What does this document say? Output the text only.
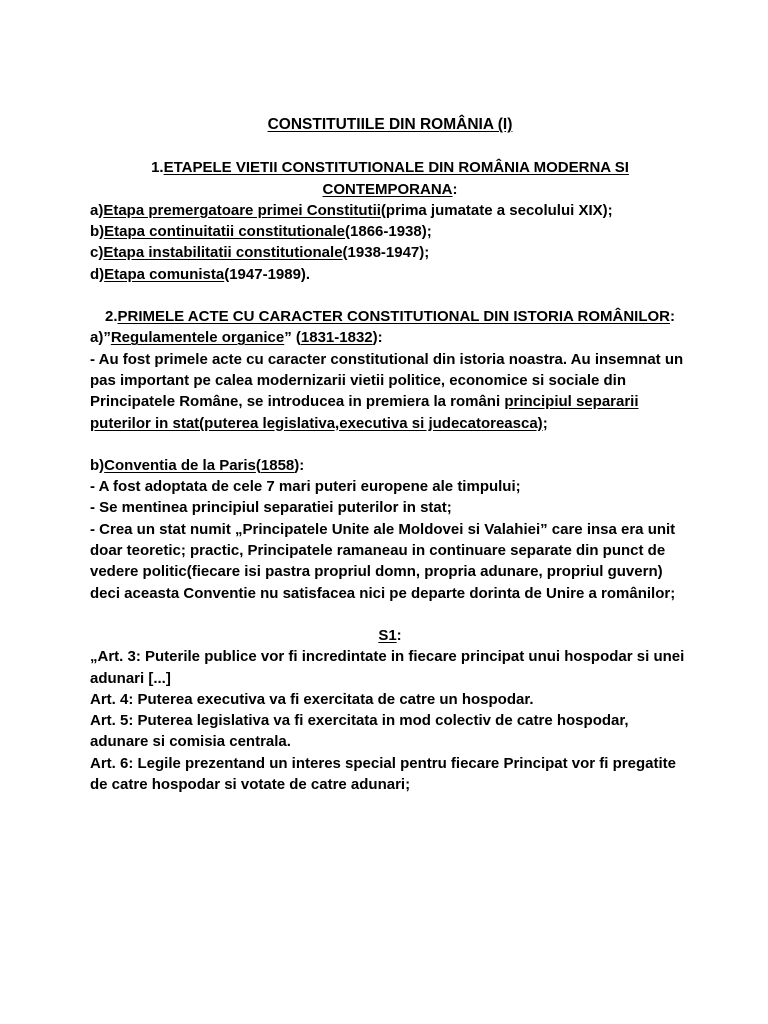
CONSTITUTIILE DIN ROMÂNIA (I)

1.ETAPELE VIETII CONSTITUTIONALE DIN ROMÂNIA MODERNA SI CONTEMPORANA:

a)Etapa premergatoare primei Constitutii(prima jumatate a secolului XIX);

b)Etapa continuitatii constitutionale(1866-1938);

c)Etapa instabilitatii constitutionale(1938-1947);

d)Etapa comunista(1947-1989).

2.PRIMELE ACTE CU CARACTER CONSTITUTIONAL DIN ISTORIA ROMÂNILOR:

a)”Regulamentele organice” (1831-1832):

- Au fost primele acte cu caracter constitutional din istoria noastra. Au insemnat un pas important pe calea modernizarii vietii politice, economice si sociale din Principatele Române, se introducea in premiera la români principiul separarii puterilor in stat(puterea legislativa,executiva si judecatoreasca);

b)Conventia de la Paris(1858):

- A fost adoptata de cele 7 mari puteri europene ale timpului;

- Se mentinea principiul separatiei puterilor in stat;

- Crea un stat numit „Principatele Unite ale Moldovei si Valahiei” care insa era unit doar teoretic; practic, Principatele ramaneau in continuare separate din punct de vedere politic(fiecare isi pastra propriul domn, propria adunare, propriul guvern) deci aceasta Conventie nu satisfacea nici pe departe dorinta de Unire a românilor;

S1:

„Art. 3: Puterile publice vor fi incredintate in fiecare principat unui hospodar si unei adunari [...]

Art. 4: Puterea executiva va fi exercitata de catre un hospodar.

Art. 5: Puterea legislativa va fi exercitata in mod colectiv de catre hospodar, adunare si comisia centrala.

Art. 6: Legile prezentand un interes special pentru fiecare Principat vor fi pregatite de catre hospodar si votate de catre adunari;
